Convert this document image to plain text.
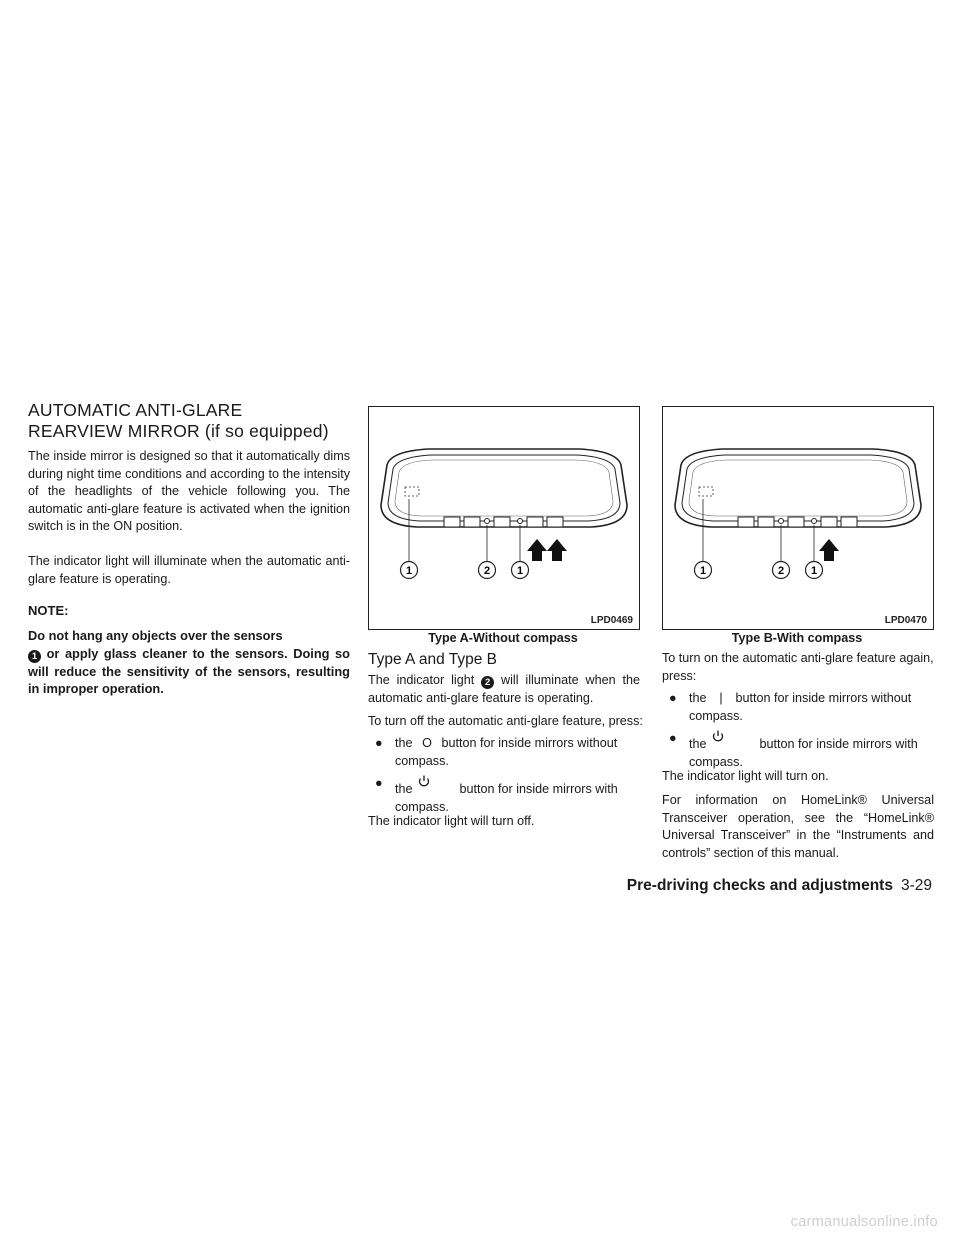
AUTOMATIC ANTI-GLARE
REARVIEW MIRROR (if so equipped)

The inside mirror is designed so that it automatically dims during night time conditions and according to the intensity of the headlights of the vehicle following you. The automatic anti-glare feature is activated when the ignition switch is in the ON position.

The indicator light will illuminate when the automatic anti-glare feature is operating.

NOTE:

Do not hang any objects over the sensors
1 or apply glass cleaner to the sensors. Doing so will reduce the sensitivity of the sensors, resulting in improper operation.

1	2 1
LPD0469
Type A-Without compass
1	2 1
LPD0470
Type B-With compass
Type A and Type B

The indicator light 2 will illuminate when the automatic anti-glare feature is operating.

To turn off the automatic anti-glare feature, press:

● the O button for inside mirrors without
compass.
● the	button for inside mirrors with
compass.

The indicator light will turn off.

To turn on the automatic anti-glare feature again,
press:

● the | button for inside mirrors without
compass.
● the	button for inside mirrors with
compass.

The indicator light will turn on.

For information on HomeLink® Universal Transceiver operation, see the “HomeLink® Universal Transceiver” in the “Instruments and controls” section of this manual.

Pre-driving checks and adjustments 3-29
carmanualsonline.info
